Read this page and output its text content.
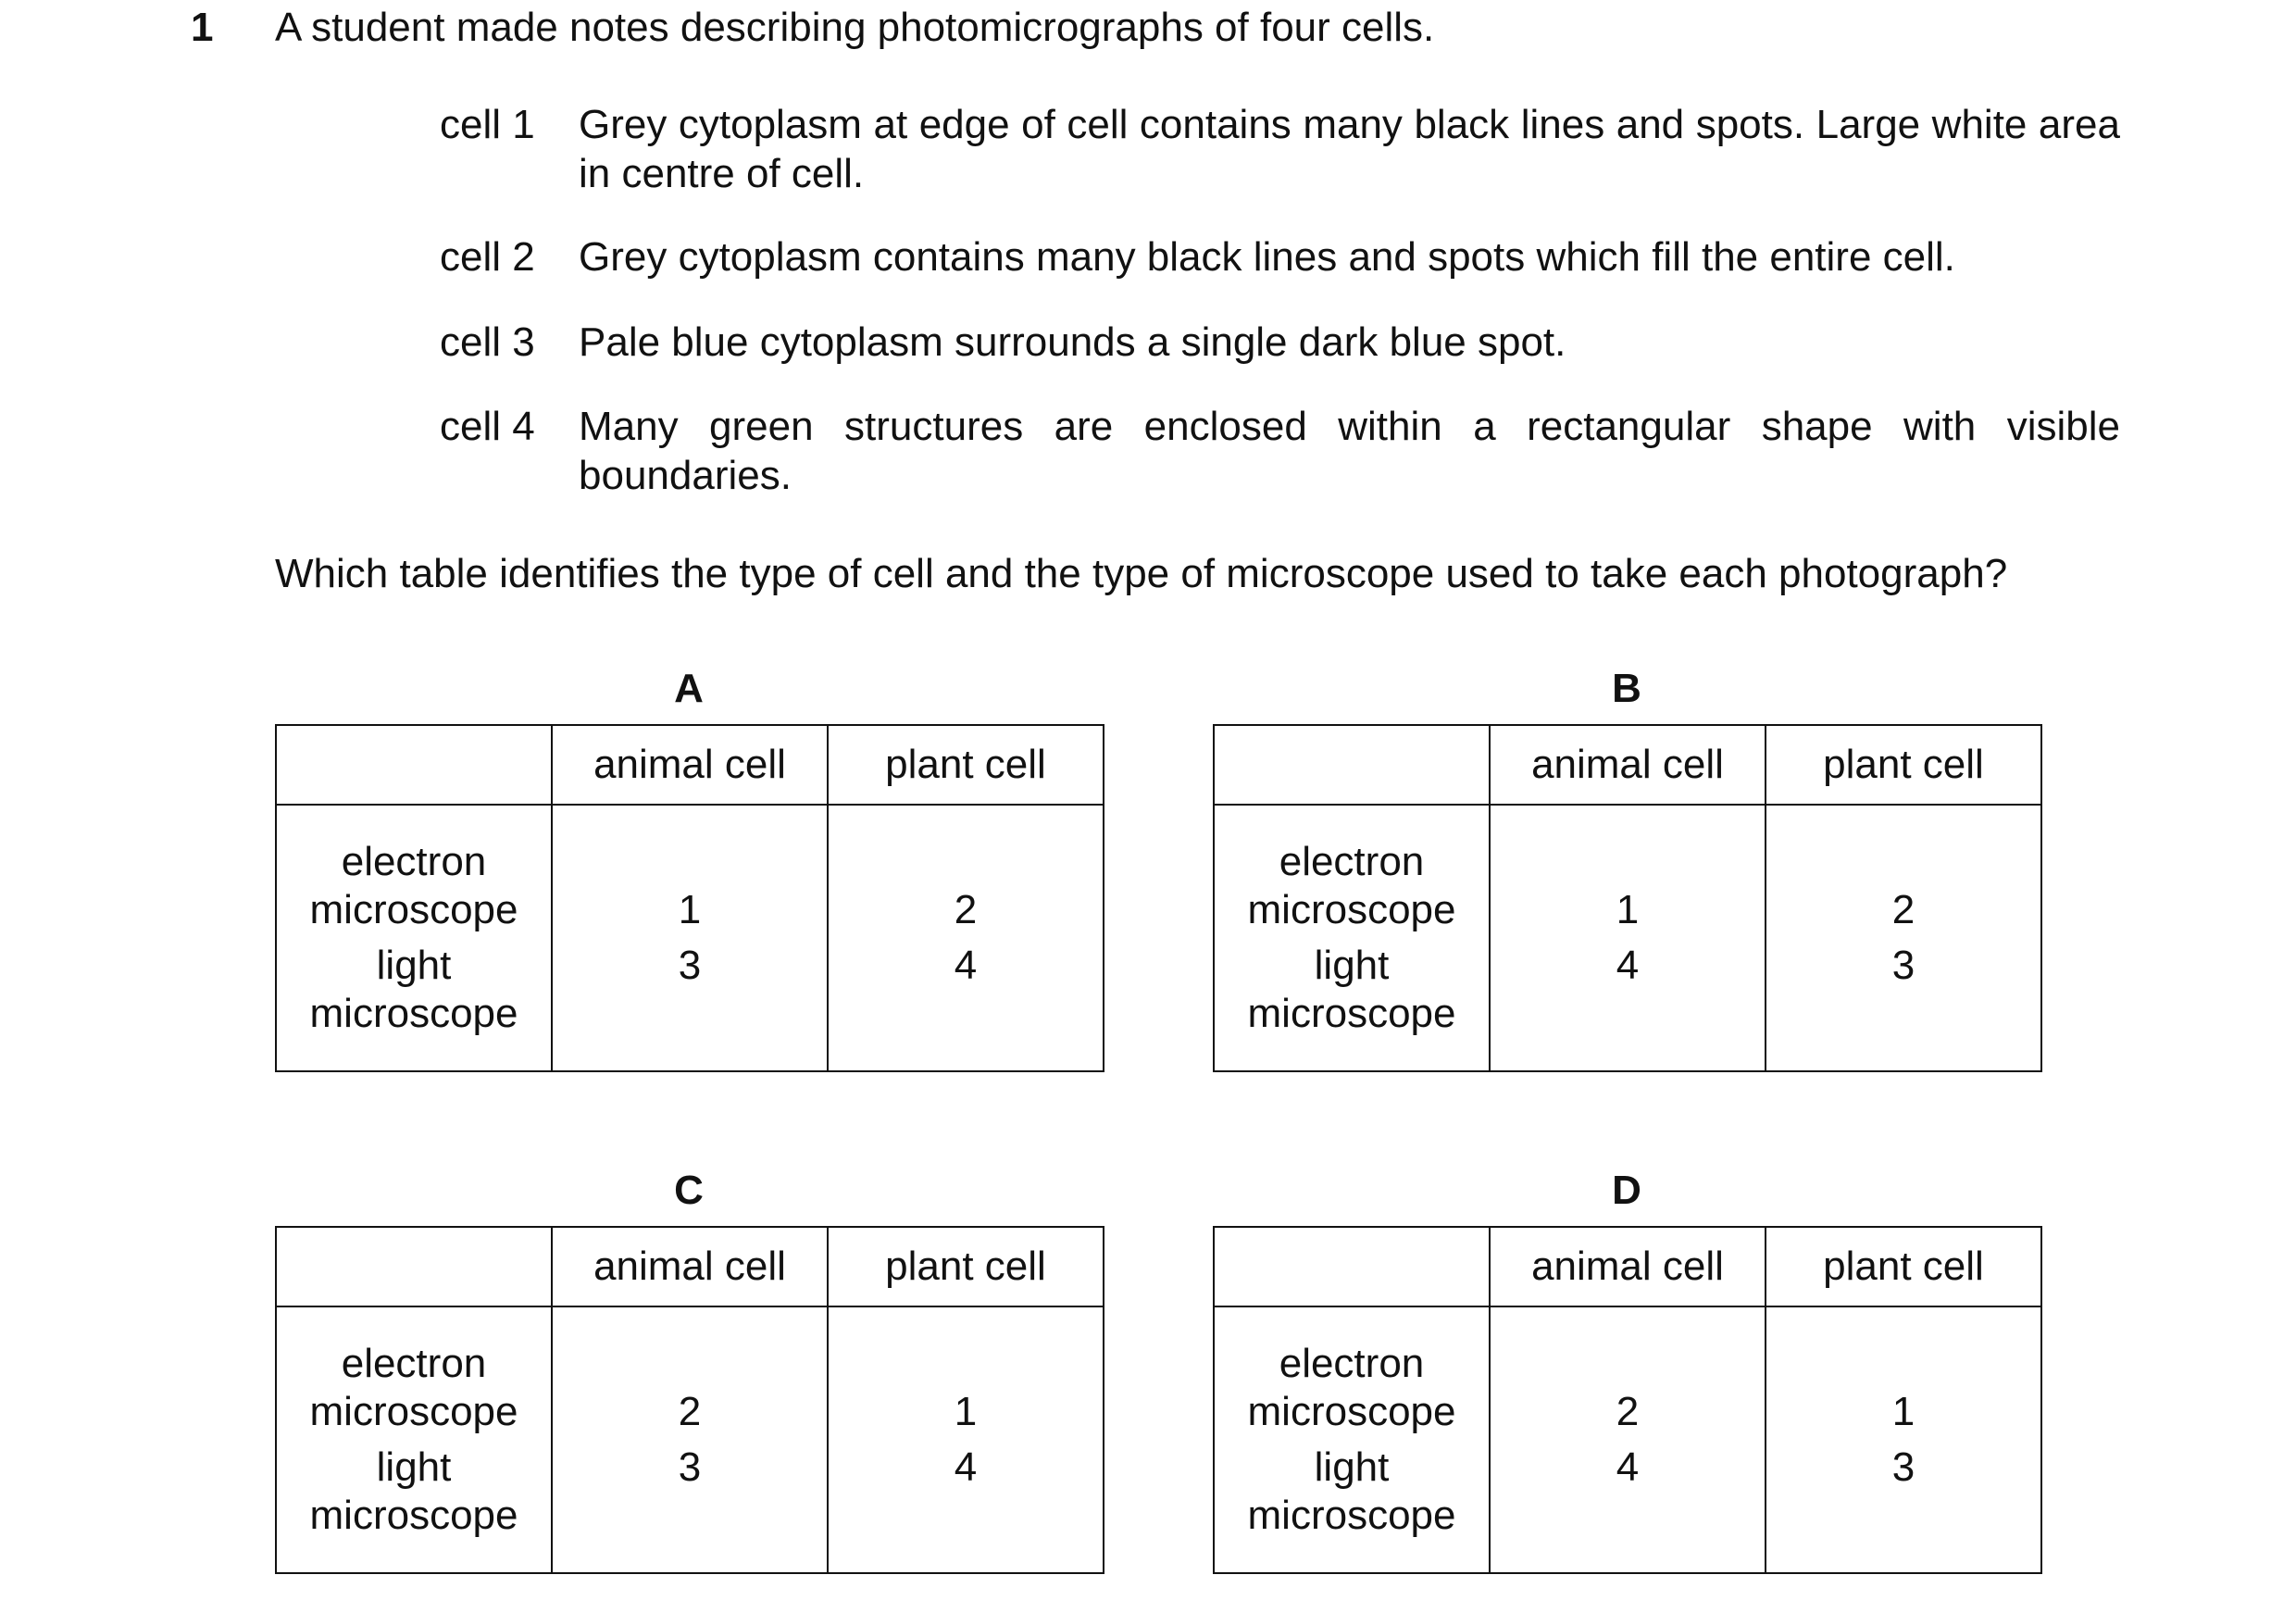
1 A student made notes describing photomicrographs of four cells.
cell 1 Grey cytoplasm at edge of cell contains many black lines and spots. Large white area in centre of cell.
cell 2 Grey cytoplasm contains many black lines and spots which fill the entire cell.
cell 3 Pale blue cytoplasm surrounds a single dark blue spot.
cell 4 Many green structures are enclosed within a rectangular shape with visible boundaries.
Which table identifies the type of cell and the type of microscope used to take each photograph?
A
	animal cell	plant cell
electron microscope	1	2
light microscope	3	4
B
	animal cell	plant cell
electron microscope	1	2
light microscope	4	3
C
	animal cell	plant cell
electron microscope	2	1
light microscope	3	4
D
	animal cell	plant cell
electron microscope	2	1
light microscope	4	3
